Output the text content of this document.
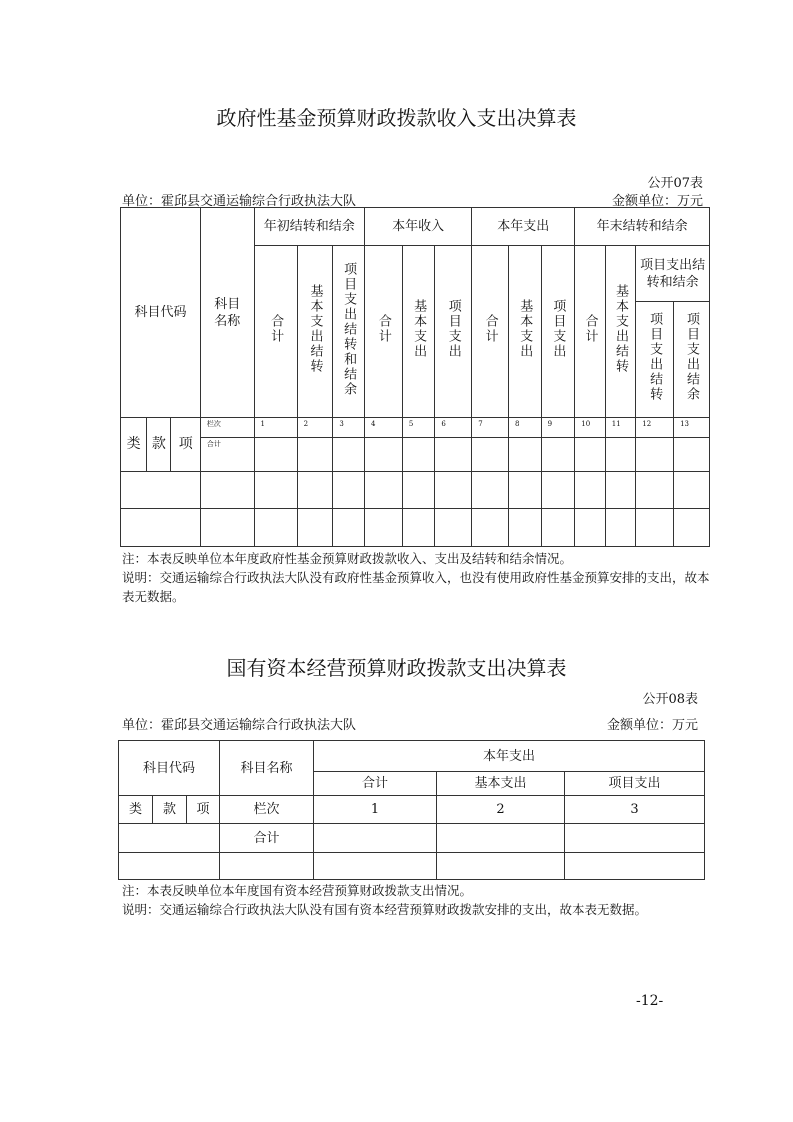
政府性基金预算财政拨款收入支出决算表
公开07表
单位：霍邱县交通运输综合行政执法大队	金额单位：万元
科目代码			科目名称	年初结转和结余			本年收入			本年支出			年末结转和结余			
				合计	基本支出结转	项目支出结转和结余	合计	基本支出	项目支出	合计	基本支出	项目支出	合计	基本支出结转	项目支出结转和结余	
															项目支出结转	项目支出结余
类	款	项	栏次	1	2	3	4	5	6	7	8	9	10	11	12	13
			合计													

注：本表反映单位本年度政府性基金预算财政拨款收入、支出及结转和结余情况。
说明：交通运输综合行政执法大队没有政府性基金预算收入，也没有使用政府性基金预算安排的支出，故本表无数据。
国有资本经营预算财政拨款支出决算表
公开08表
单位：霍邱县交通运输综合行政执法大队	金额单位：万元
科目代码			科目名称	本年支出		
				合计	基本支出	项目支出
类	款	项	栏次	1	2	3
			合计			

注：本表反映单位本年度国有资本经营预算财政拨款支出情况。
说明：交通运输综合行政执法大队没有国有资本经营预算财政拨款安排的支出，故本表无数据。
-12-
